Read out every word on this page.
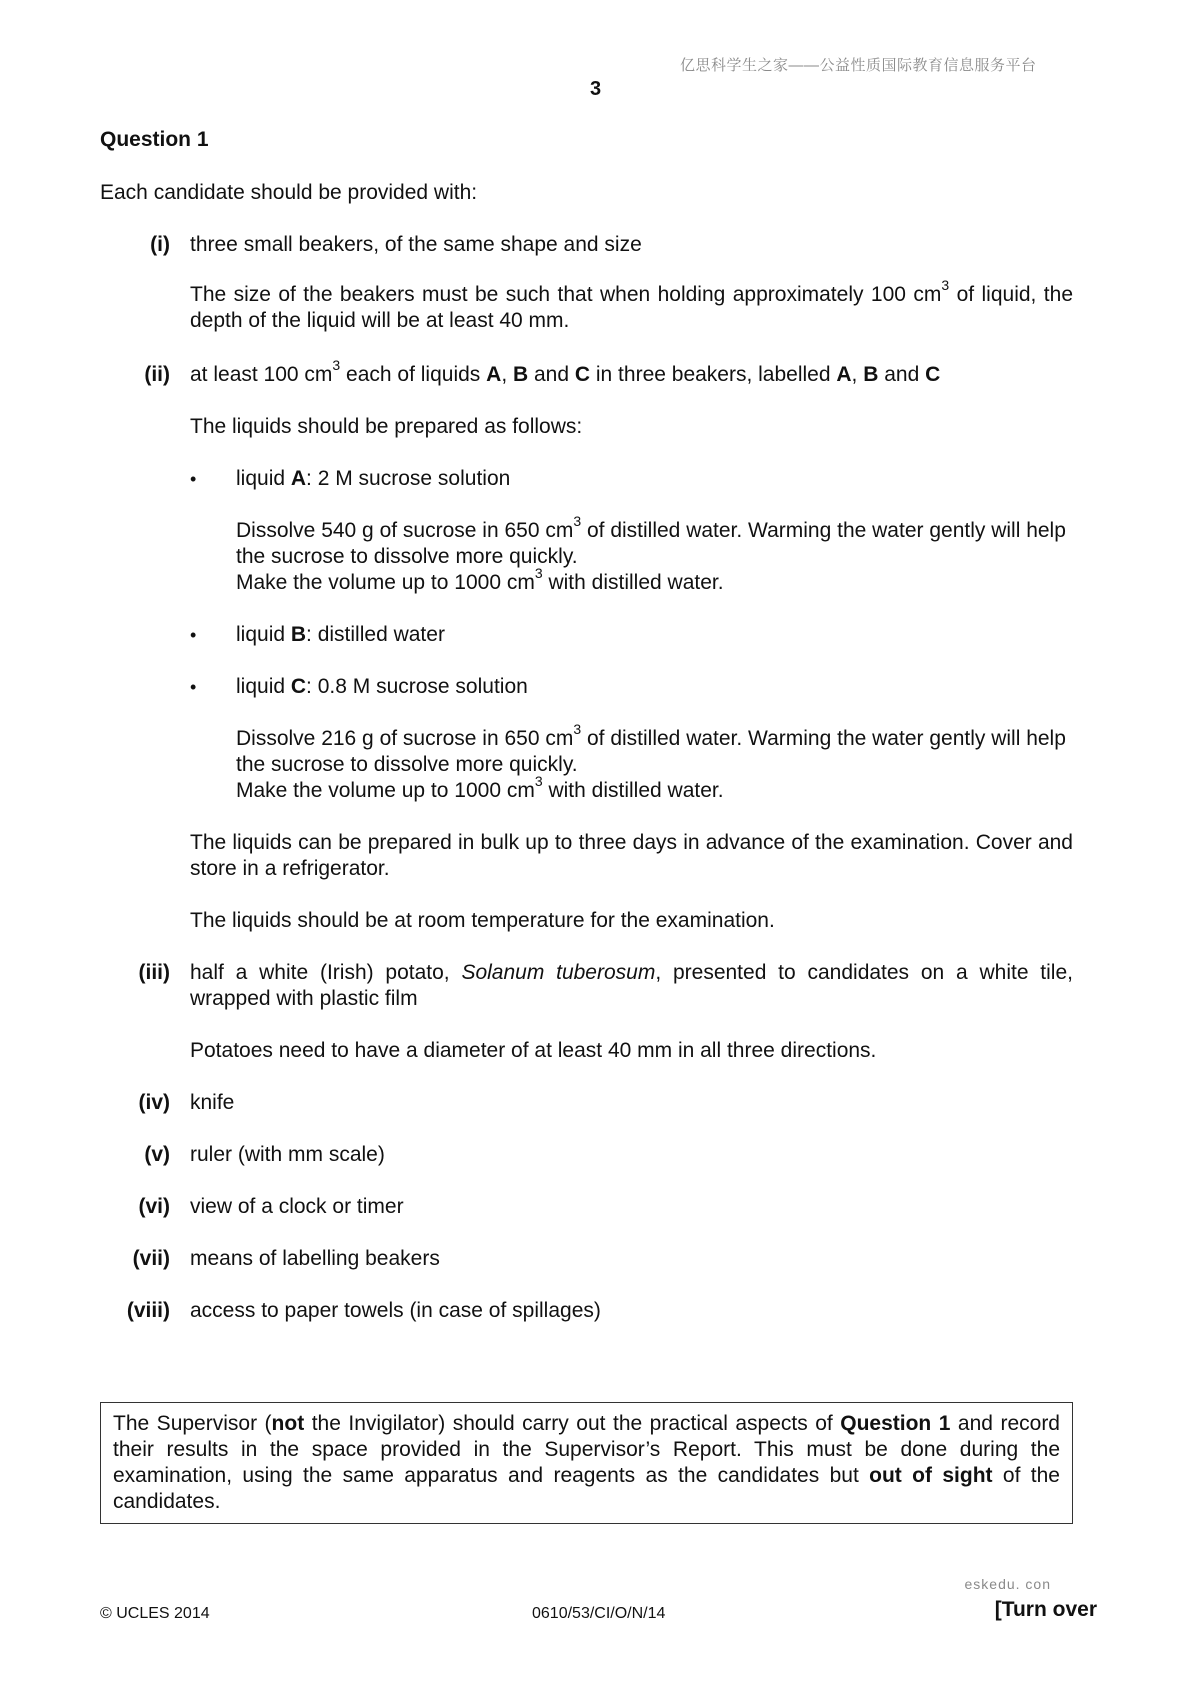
亿思科学生之家——公益性质国际教育信息服务平台
3
Question 1
Each candidate should be provided with:
(i) three small beakers, of the same shape and size
The size of the beakers must be such that when holding approximately 100 $cm^3$ of liquid, the depth of the liquid will be at least 40 mm.
(ii) at least 100 $cm^3$ each of liquids A, B and C in three beakers, labelled A, B and C
The liquids should be prepared as follows:
• liquid A: 2 M sucrose solution
Dissolve 540 g of sucrose in 650 $cm^3$ of distilled water. Warming the water gently will help the sucrose to dissolve more quickly.
Make the volume up to 1000 $cm^3$ with distilled water.
• liquid B: distilled water
• liquid C: 0.8 M sucrose solution
Dissolve 216 g of sucrose in 650 $cm^3$ of distilled water. Warming the water gently will help the sucrose to dissolve more quickly.
Make the volume up to 1000 $cm^3$ with distilled water.
The liquids can be prepared in bulk up to three days in advance of the examination. Cover and store in a refrigerator.
The liquids should be at room temperature for the examination.
(iii) half a white (Irish) potato, Solanum tuberosum, presented to candidates on a white tile, wrapped with plastic film
Potatoes need to have a diameter of at least 40 mm in all three directions.
(iv) knife
(v) ruler (with mm scale)
(vi) view of a clock or timer
(vii) means of labelling beakers
(viii) access to paper towels (in case of spillages)
The Supervisor (not the Invigilator) should carry out the practical aspects of Question 1 and record their results in the space provided in the Supervisor’s Report. This must be done during the examination, using the same apparatus and reagents as the candidates but out of sight of the candidates.
eskedu. con
© UCLES 2014	0610/53/CI/O/N/14	[Turn over
